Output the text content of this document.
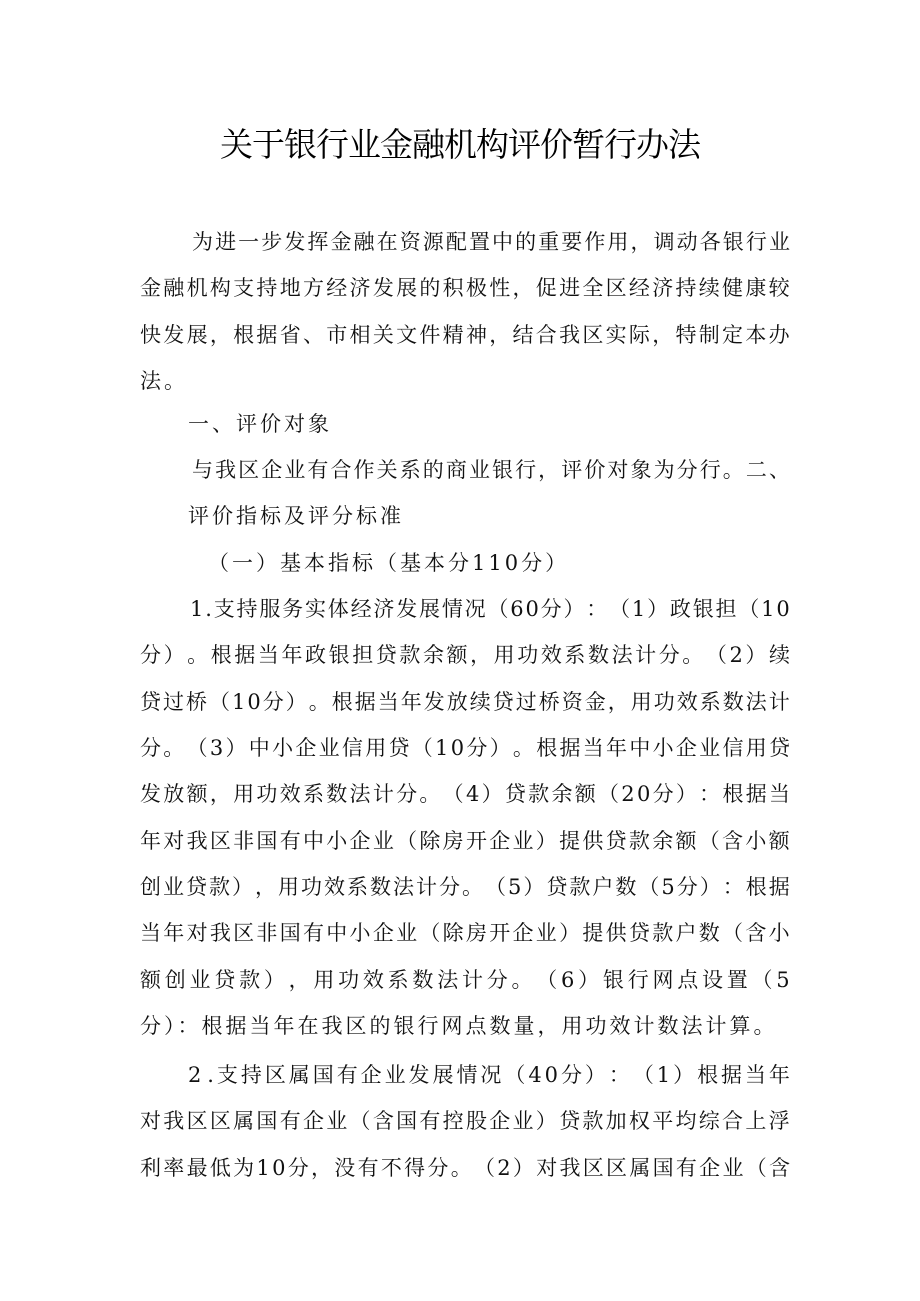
关于银行业金融机构评价暂行办法
为 进 一 步 发 挥 金 融 在 资 源 配 置 中 的 重 要 作 用 ， 调 动 各 银 行 业
金 融 机 构 支 持 地 方 经 济 发 展 的 积 极 性 ， 促 进 全 区 经 济 持 续 健 康 较
快 发 展 ， 根 据 省 、 市 相 关 文 件 精 神 ， 结 合 我 区 实 际 ， 特 制 定 本 办
法。
一、评价对象
与 我 区 企 业 有 合 作 关 系 的 商 业 银 行 ， 评 价 对 象 为 分 行 。 二 、
评价指标及评分标准
（一）基本指标（基本分110分）
1 . 支 持 服 务 实 体 经 济 发 展 情 况 （ 6 0 分 ） ： （ 1 ） 政 银 担 （ 1 0
分 ） 。 根 据 当 年 政 银 担 贷 款 余 额 ， 用 功 效 系 数 法 计 分 。 （ 2 ） 续
贷 过 桥 （ 1 0 分 ） 。 根 据 当 年 发 放 续 贷 过 桥 资 金 ， 用 功 效 系 数 法 计
分 。 （ 3 ） 中 小 企 业 信 用 贷 （ 1 0 分 ） 。 根 据 当 年 中 小 企 业 信 用 贷
发 放 额 ， 用 功 效 系 数 法 计 分 。 （ 4 ） 贷 款 余 额 （ 2 0 分 ） ： 根 据 当
年 对 我 区 非 国 有 中 小 企 业 （ 除 房 开 企 业 ） 提 供 贷 款 余 额 （ 含 小 额
创 业 贷 款 ） ， 用 功 效 系 数 法 计 分 。 （ 5 ） 贷 款 户 数 （ 5 分 ） ： 根 据
当 年 对 我 区 非 国 有 中 小 企 业 （ 除 房 开 企 业 ） 提 供 贷 款 户 数 （ 含 小
额 创 业 贷 款 ） ， 用 功 效 系 数 法 计 分 。 （ 6 ） 银 行 网 点 设 置 （ 5
分）：根据当年在我区的银行网点数量，用功效计数法计算。
2 . 支 持 区 属 国 有 企 业 发 展 情 况 （ 4 0 分 ） ： （ 1 ） 根 据 当 年
对 我 区 区 属 国 有 企 业 （ 含 国 有 控 股 企 业 ） 贷 款 加 权 平 均 综 合 上 浮
利 率 最 低 为 1 0 分 ， 没 有 不 得 分 。 （ 2 ） 对 我 区 区 属 国 有 企 业 （ 含
